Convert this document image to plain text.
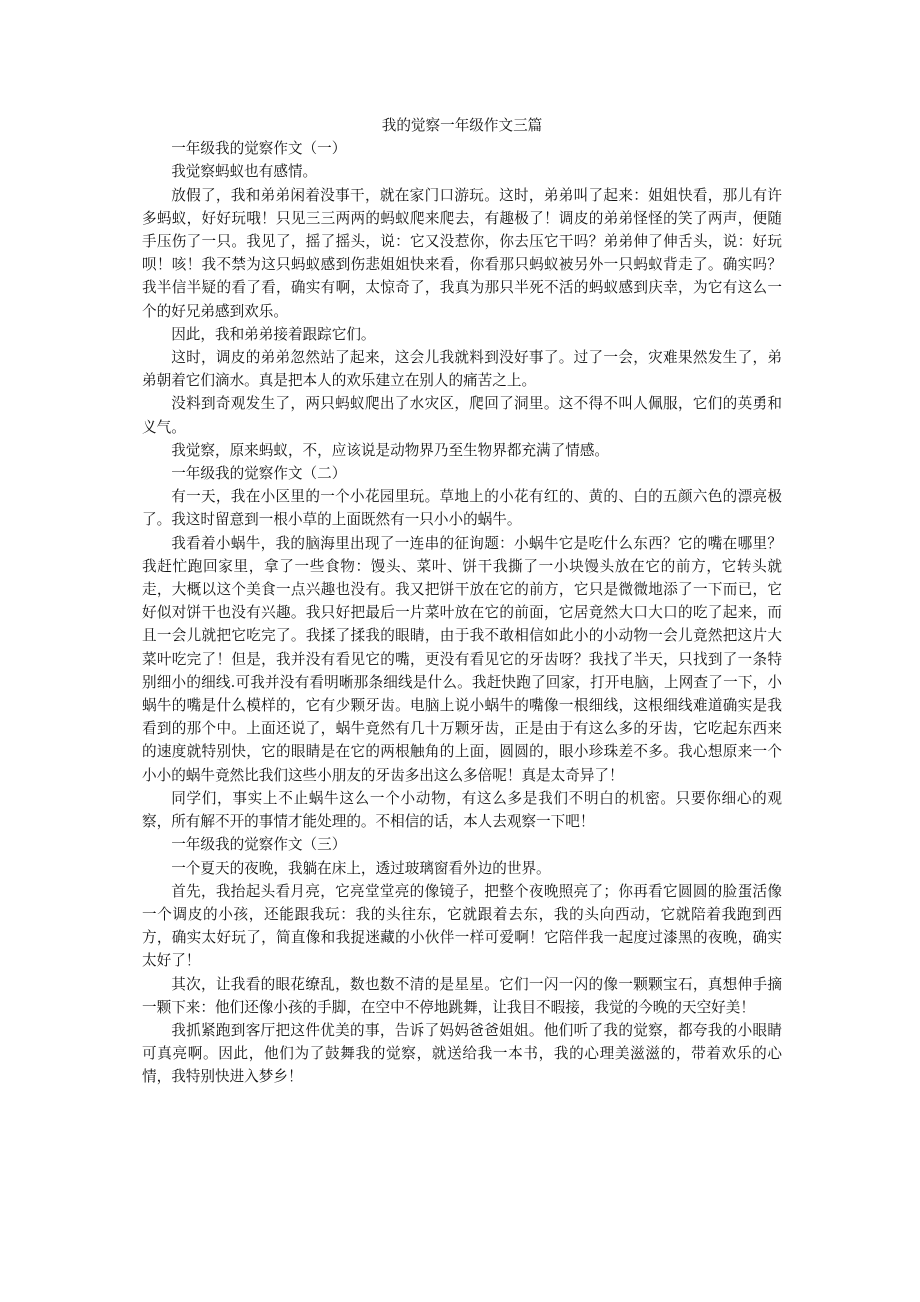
我的觉察一年级作文三篇

一年级我的觉察作文（一）

我觉察蚂蚁也有感情。

放假了，我和弟弟闲着没事干，就在家门口游玩。这时，弟弟叫了起来：姐姐快看，那儿有许多蚂蚁，好好玩哦！只见三三两两的蚂蚁爬来爬去，有趣极了！调皮的弟弟怪怪的笑了两声，便随手压伤了一只。我见了，摇了摇头，说：它又没惹你，你去压它干吗？弟弟伸了伸舌头，说：好玩呗！咳！我不禁为这只蚂蚁感到伤悲姐姐快来看，你看那只蚂蚁被另外一只蚂蚁背走了。确实吗？我半信半疑的看了看，确实有啊，太惊奇了，我真为那只半死不活的蚂蚁感到庆幸，为它有这么一个的好兄弟感到欢乐。

因此，我和弟弟接着跟踪它们。

这时，调皮的弟弟忽然站了起来，这会儿我就料到没好事了。过了一会，灾难果然发生了，弟弟朝着它们滴水。真是把本人的欢乐建立在别人的痛苦之上。

没料到奇观发生了，两只蚂蚁爬出了水灾区，爬回了洞里。这不得不叫人佩服，它们的英勇和义气。

我觉察，原来蚂蚁，不，应该说是动物界乃至生物界都充满了情感。

一年级我的觉察作文（二）

有一天，我在小区里的一个小花园里玩。草地上的小花有红的、黄的、白的五颜六色的漂亮极了。我这时留意到一根小草的上面既然有一只小小的蜗牛。

我看着小蜗牛，我的脑海里出现了一连串的征询题：小蜗牛它是吃什么东西？它的嘴在哪里？我赶忙跑回家里，拿了一些食物：馒头、菜叶、饼干我撕了一小块馒头放在它的前方，它转头就走，大概以这个美食一点兴趣也没有。我又把饼干放在它的前方，它只是微微地添了一下而已，它好似对饼干也没有兴趣。我只好把最后一片菜叶放在它的前面，它居竟然大口大口的吃了起来，而且一会儿就把它吃完了。我揉了揉我的眼睛，由于我不敢相信如此小的小动物一会儿竟然把这片大菜叶吃完了！但是，我并没有看见它的嘴，更没有看见它的牙齿呀？我找了半天，只找到了一条特别细小的细线.可我并没有看明晰那条细线是什么。我赶快跑了回家，打开电脑，上网查了一下，小蜗牛的嘴是什么模样的，它有少颗牙齿。电脑上说小蜗牛的嘴像一根细线，这根细线难道确实是我看到的那个中。上面还说了，蜗牛竟然有几十万颗牙齿，正是由于有这么多的牙齿，它吃起东西来的速度就特别快，它的眼睛是在它的两根触角的上面，圆圆的，眼小珍珠差不多。我心想原来一个小小的蜗牛竟然比我们这些小朋友的牙齿多出这么多倍呢！真是太奇异了！

同学们，事实上不止蜗牛这么一个小动物，有这么多是我们不明白的机密。只要你细心的观察，所有解不开的事情才能处理的。不相信的话，本人去观察一下吧！

一年级我的觉察作文（三）

一个夏天的夜晚，我躺在床上，透过玻璃窗看外边的世界。

首先，我抬起头看月亮，它亮堂堂亮的像镜子，把整个夜晚照亮了；你再看它圆圆的脸蛋活像一个调皮的小孩，还能跟我玩：我的头往东，它就跟着去东，我的头向西动，它就陪着我跑到西方，确实太好玩了，简直像和我捉迷藏的小伙伴一样可爱啊！它陪伴我一起度过漆黑的夜晚，确实太好了！

其次，让我看的眼花缭乱，数也数不清的是星星。它们一闪一闪的像一颗颗宝石，真想伸手摘一颗下来：他们还像小孩的手脚，在空中不停地跳舞，让我目不暇接，我觉的今晚的天空好美！

我抓紧跑到客厅把这件优美的事，告诉了妈妈爸爸姐姐。他们听了我的觉察，都夸我的小眼睛可真亮啊。因此，他们为了鼓舞我的觉察，就送给我一本书，我的心理美滋滋的，带着欢乐的心情，我特别快进入梦乡！
